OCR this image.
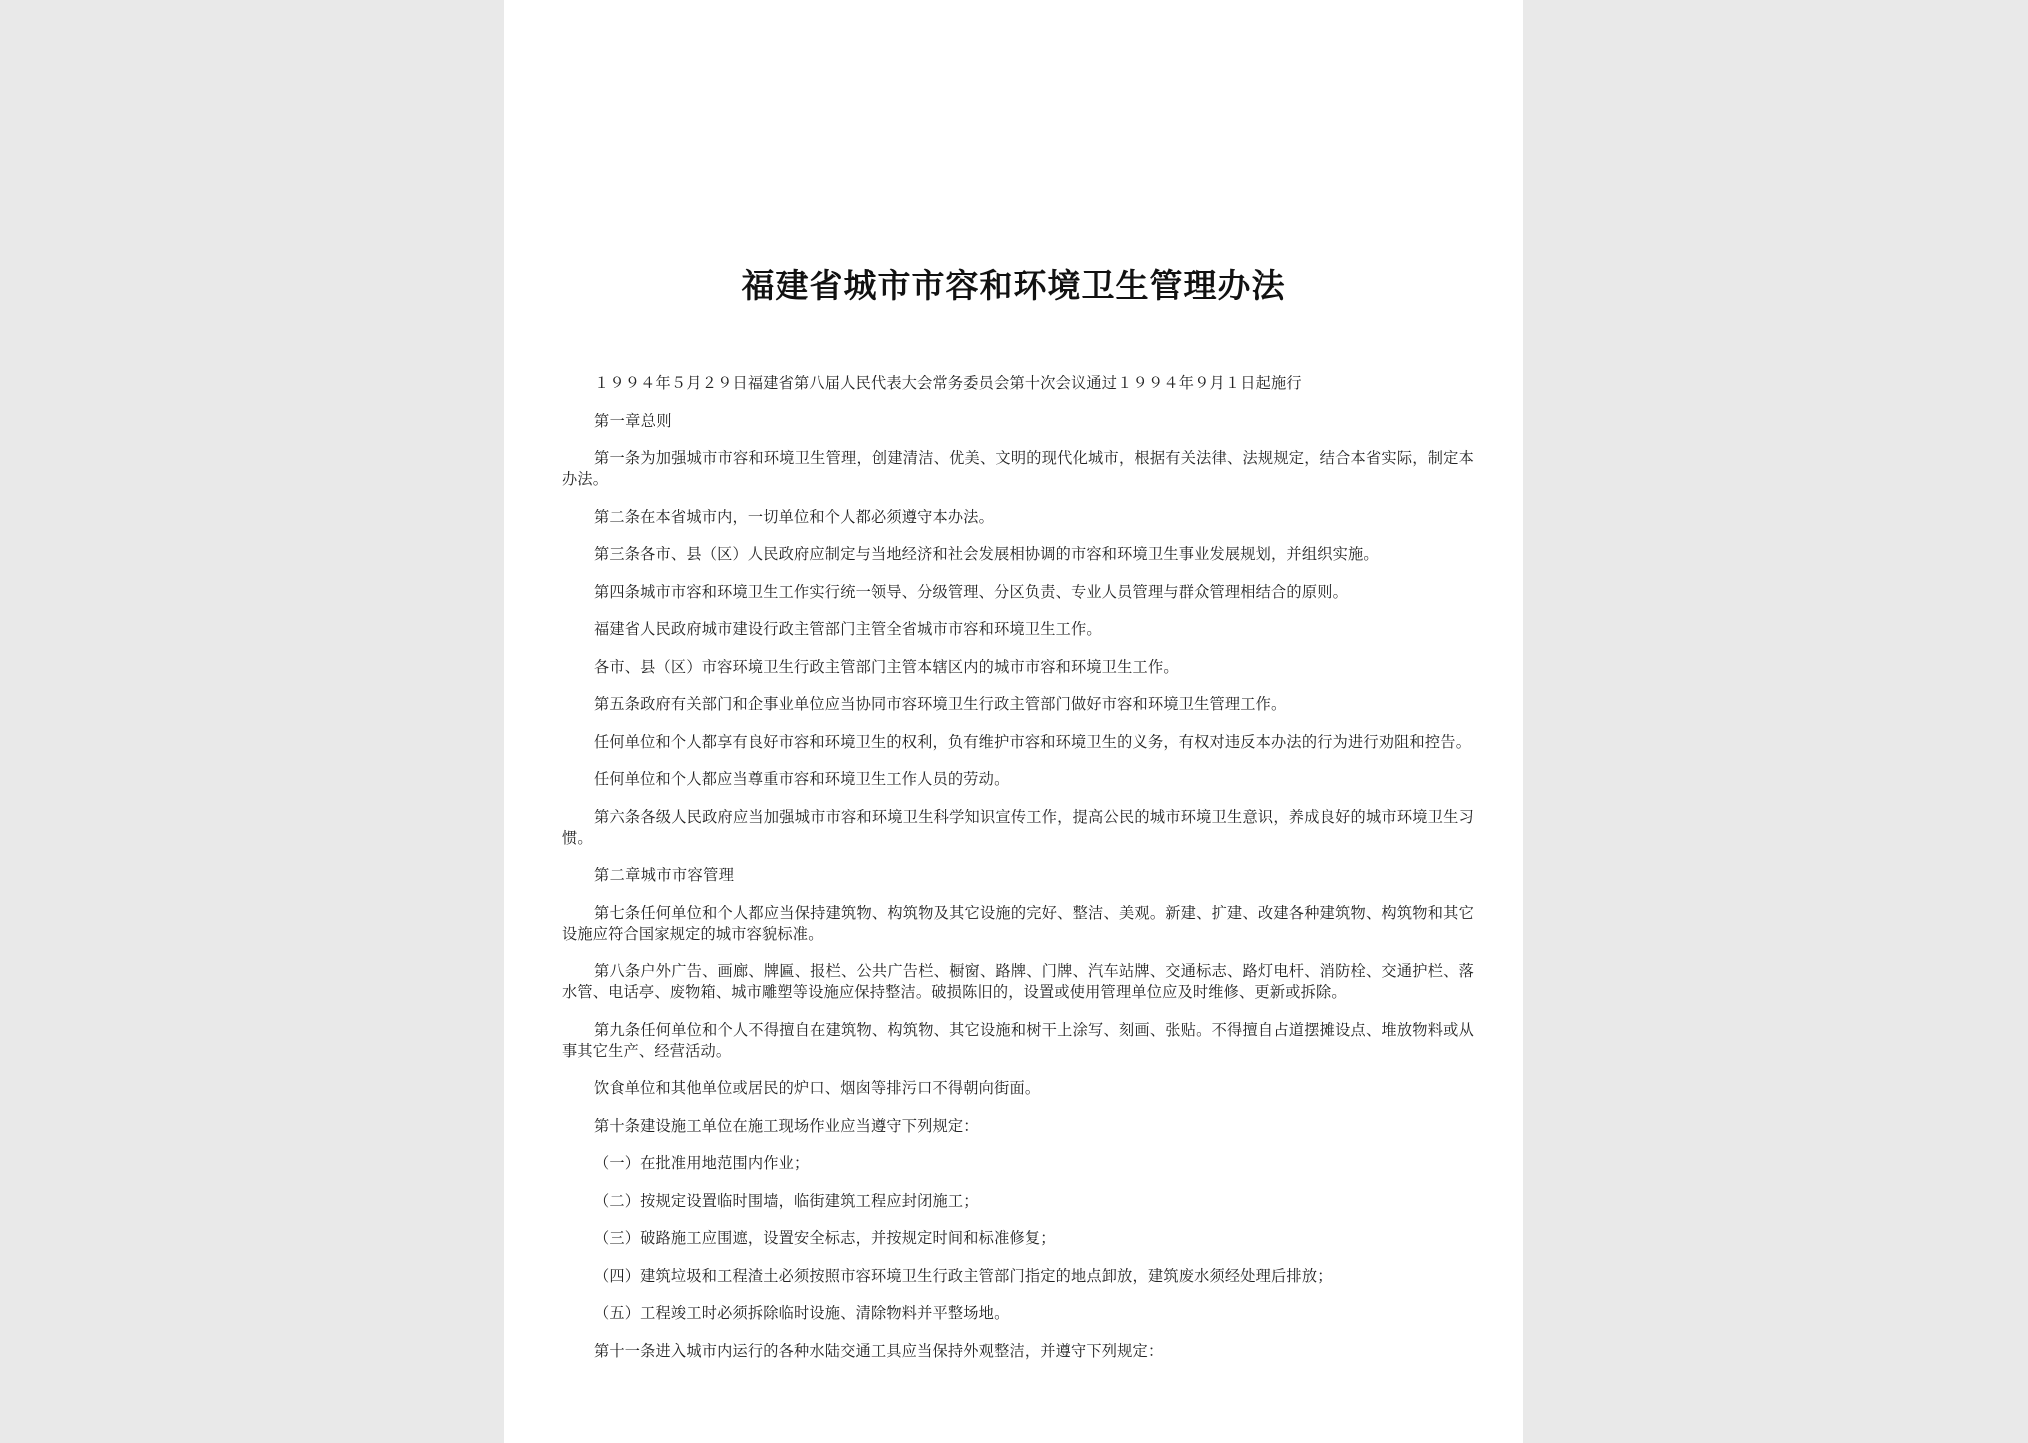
福建省城市市容和环境卫生管理办法

１９９４年５月２９日福建省第八届人民代表大会常务委员会第十次会议通过１９９４年９月１日起施行

第一章总则

第一条为加强城市市容和环境卫生管理，创建清洁、优美、文明的现代化城市，根据有关法律、法规规定，结合本省实际，制定本办法。

第二条在本省城市内，一切单位和个人都必须遵守本办法。

第三条各市、县（区）人民政府应制定与当地经济和社会发展相协调的市容和环境卫生事业发展规划，并组织实施。

第四条城市市容和环境卫生工作实行统一领导、分级管理、分区负责、专业人员管理与群众管理相结合的原则。

福建省人民政府城市建设行政主管部门主管全省城市市容和环境卫生工作。

各市、县（区）市容环境卫生行政主管部门主管本辖区内的城市市容和环境卫生工作。

第五条政府有关部门和企事业单位应当协同市容环境卫生行政主管部门做好市容和环境卫生管理工作。

任何单位和个人都享有良好市容和环境卫生的权利，负有维护市容和环境卫生的义务，有权对违反本办法的行为进行劝阻和控告。

任何单位和个人都应当尊重市容和环境卫生工作人员的劳动。

第六条各级人民政府应当加强城市市容和环境卫生科学知识宣传工作，提高公民的城市环境卫生意识，养成良好的城市环境卫生习惯。

第二章城市市容管理

第七条任何单位和个人都应当保持建筑物、构筑物及其它设施的完好、整洁、美观。新建、扩建、改建各种建筑物、构筑物和其它设施应符合国家规定的城市容貌标准。

第八条户外广告、画廊、牌匾、报栏、公共广告栏、橱窗、路牌、门牌、汽车站牌、交通标志、路灯电杆、消防栓、交通护栏、落水管、电话亭、废物箱、城市雕塑等设施应保持整洁。破损陈旧的，设置或使用管理单位应及时维修、更新或拆除。

第九条任何单位和个人不得擅自在建筑物、构筑物、其它设施和树干上涂写、刻画、张贴。不得擅自占道摆摊设点、堆放物料或从事其它生产、经营活动。

饮食单位和其他单位或居民的炉口、烟囱等排污口不得朝向街面。

第十条建设施工单位在施工现场作业应当遵守下列规定：

（一）在批准用地范围内作业；

（二）按规定设置临时围墙，临街建筑工程应封闭施工；

（三）破路施工应围遮，设置安全标志，并按规定时间和标准修复；

（四）建筑垃圾和工程渣土必须按照市容环境卫生行政主管部门指定的地点卸放，建筑废水须经处理后排放；

（五）工程竣工时必须拆除临时设施、清除物料并平整场地。

第十一条进入城市内运行的各种水陆交通工具应当保持外观整洁，并遵守下列规定：
